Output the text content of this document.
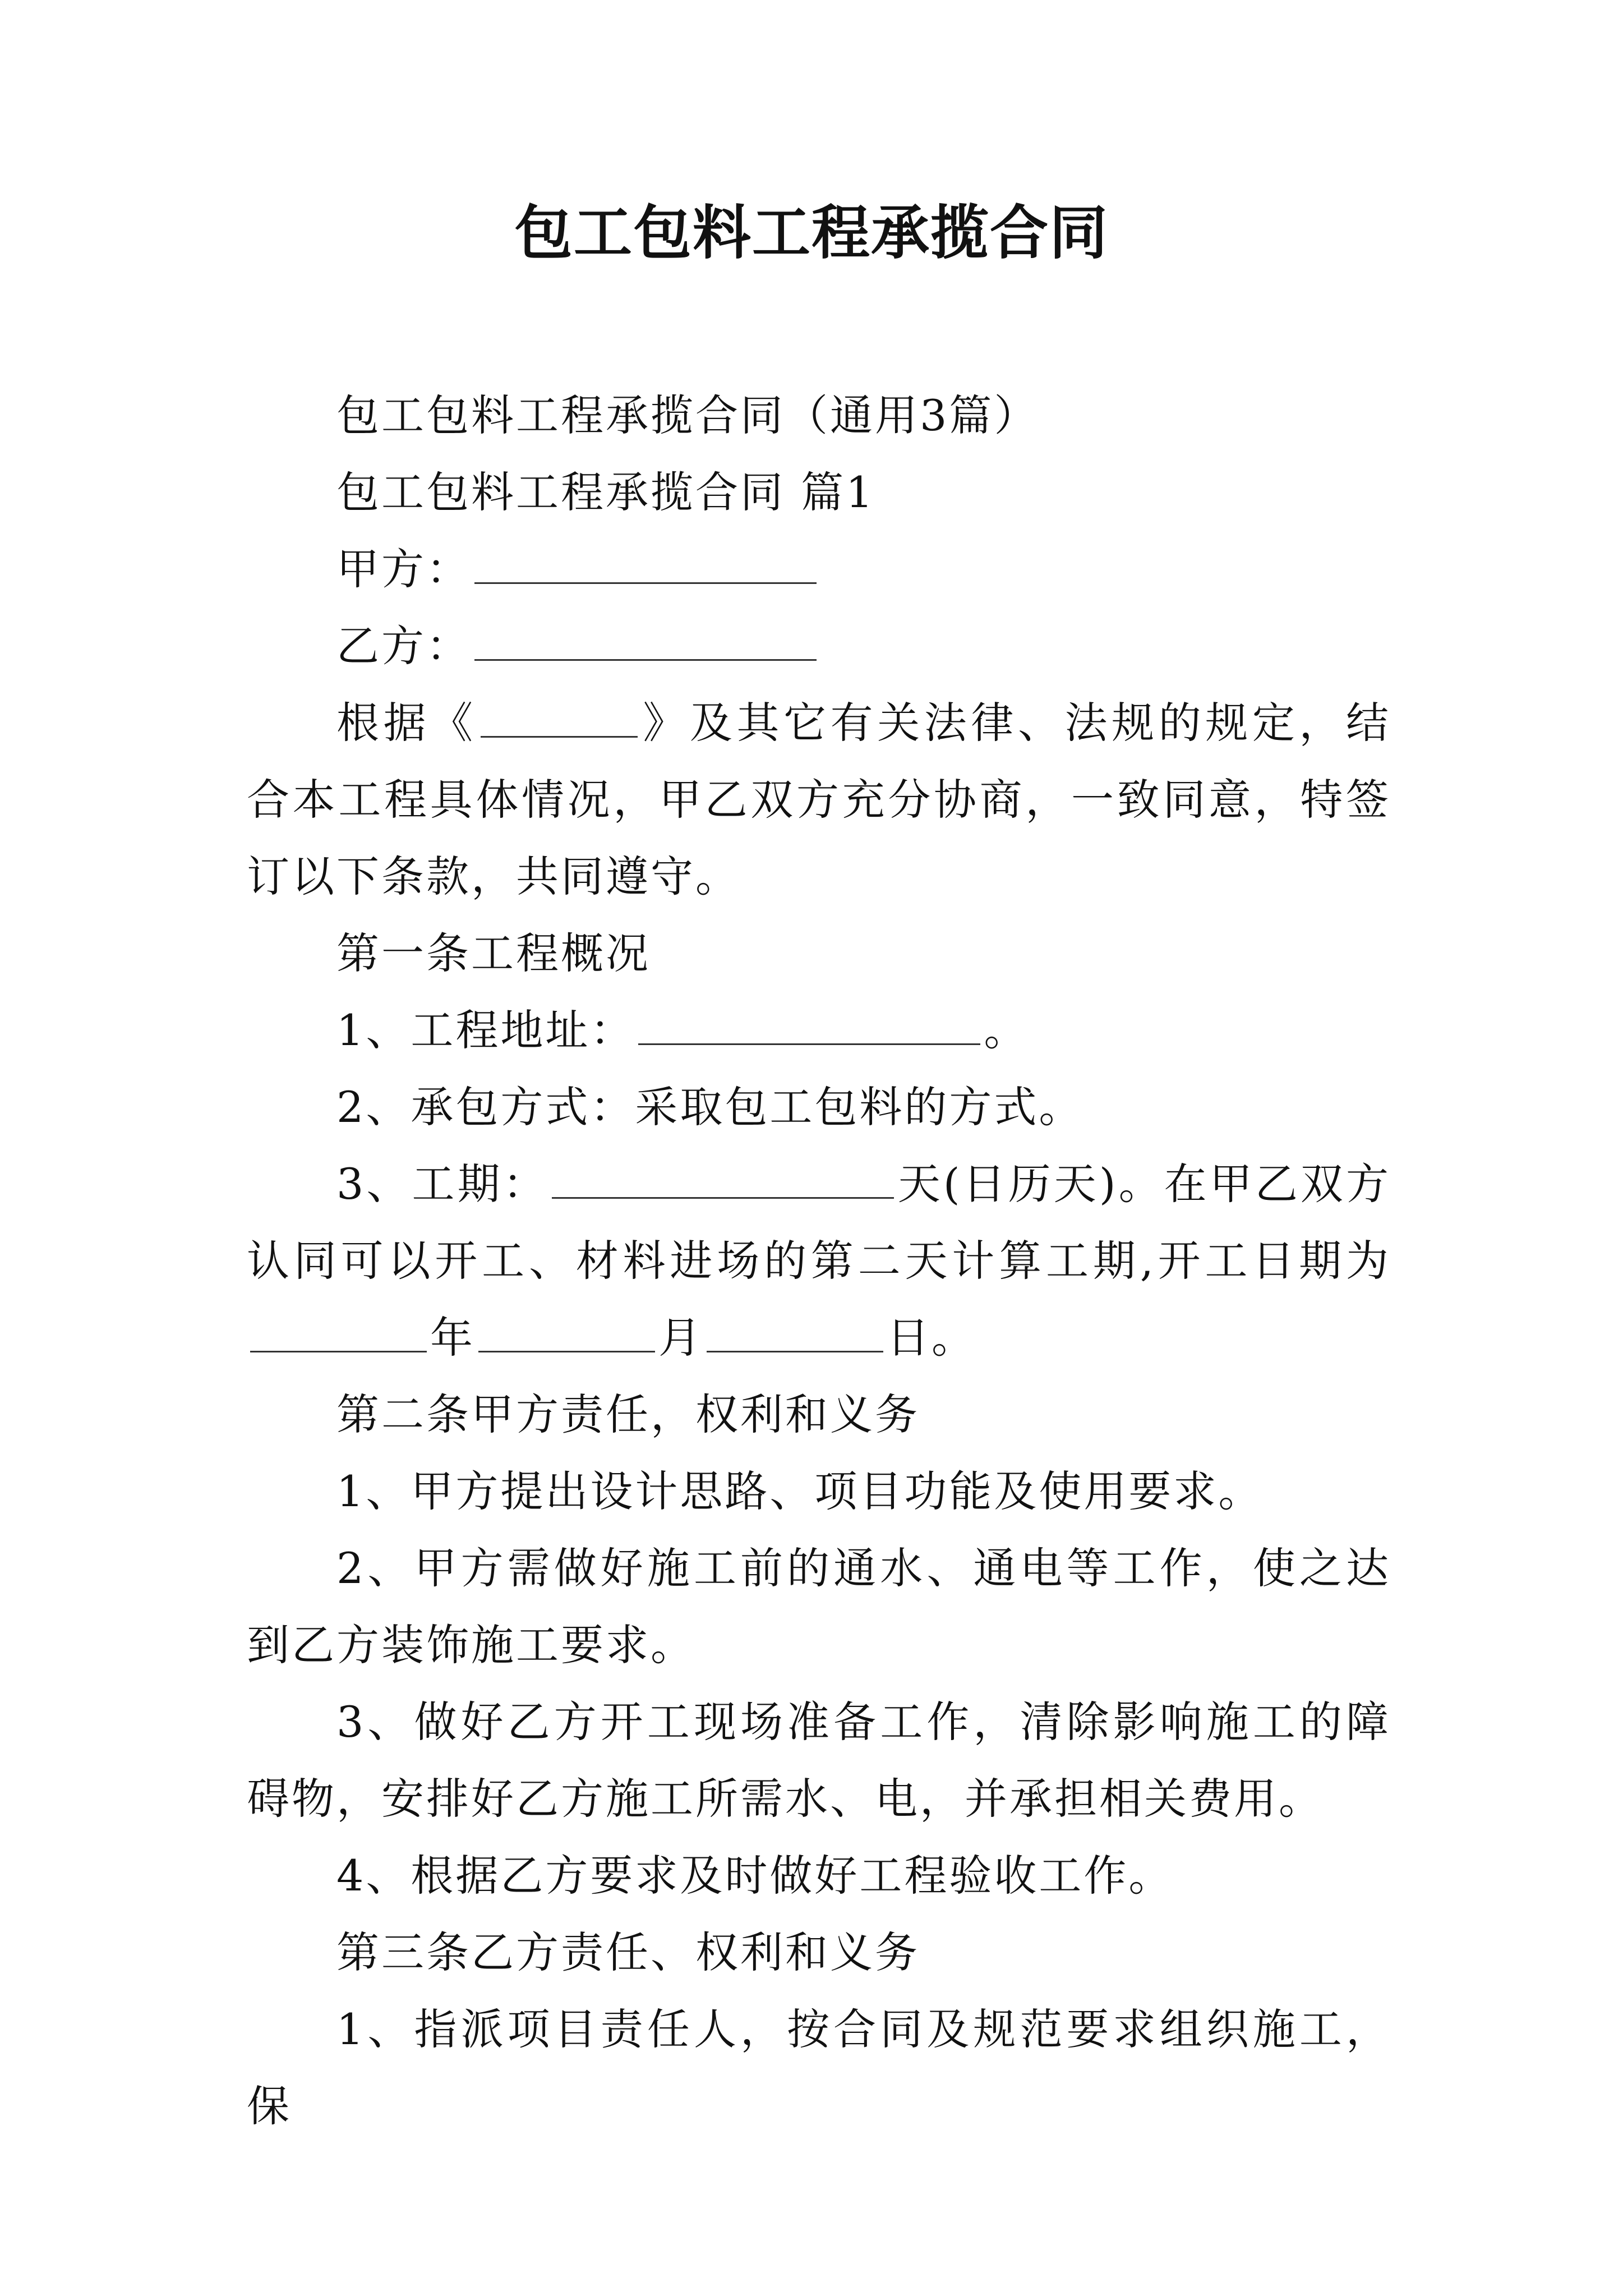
包工包料工程承揽合同

包工包料工程承揽合同（通用3篇）

包工包料工程承揽合同 篇1

甲方：

乙方：

根据《	》及其它有关法律、法规的规定，结合本工程具体情况，甲乙双方充分协商，一致同意，特签订以下条款，共同遵守。

第一条工程概况

1、工程地址：	。

2、承包方式：采取包工包料的方式。

3、工期：	天(日历天)。在甲乙双方认同可以开工、材料进场的第二天计算工期,开工日期为年	月	日。

第二条甲方责任，权利和义务

1、甲方提出设计思路、项目功能及使用要求。

2、甲方需做好施工前的通水、通电等工作，使之达到乙方装饰施工要求。

3、做好乙方开工现场准备工作，清除影响施工的障碍物，安排好乙方施工所需水、电，并承担相关费用。

4、根据乙方要求及时做好工程验收工作。

第三条乙方责任、权利和义务

1、指派项目责任人，按合同及规范要求组织施工，保
